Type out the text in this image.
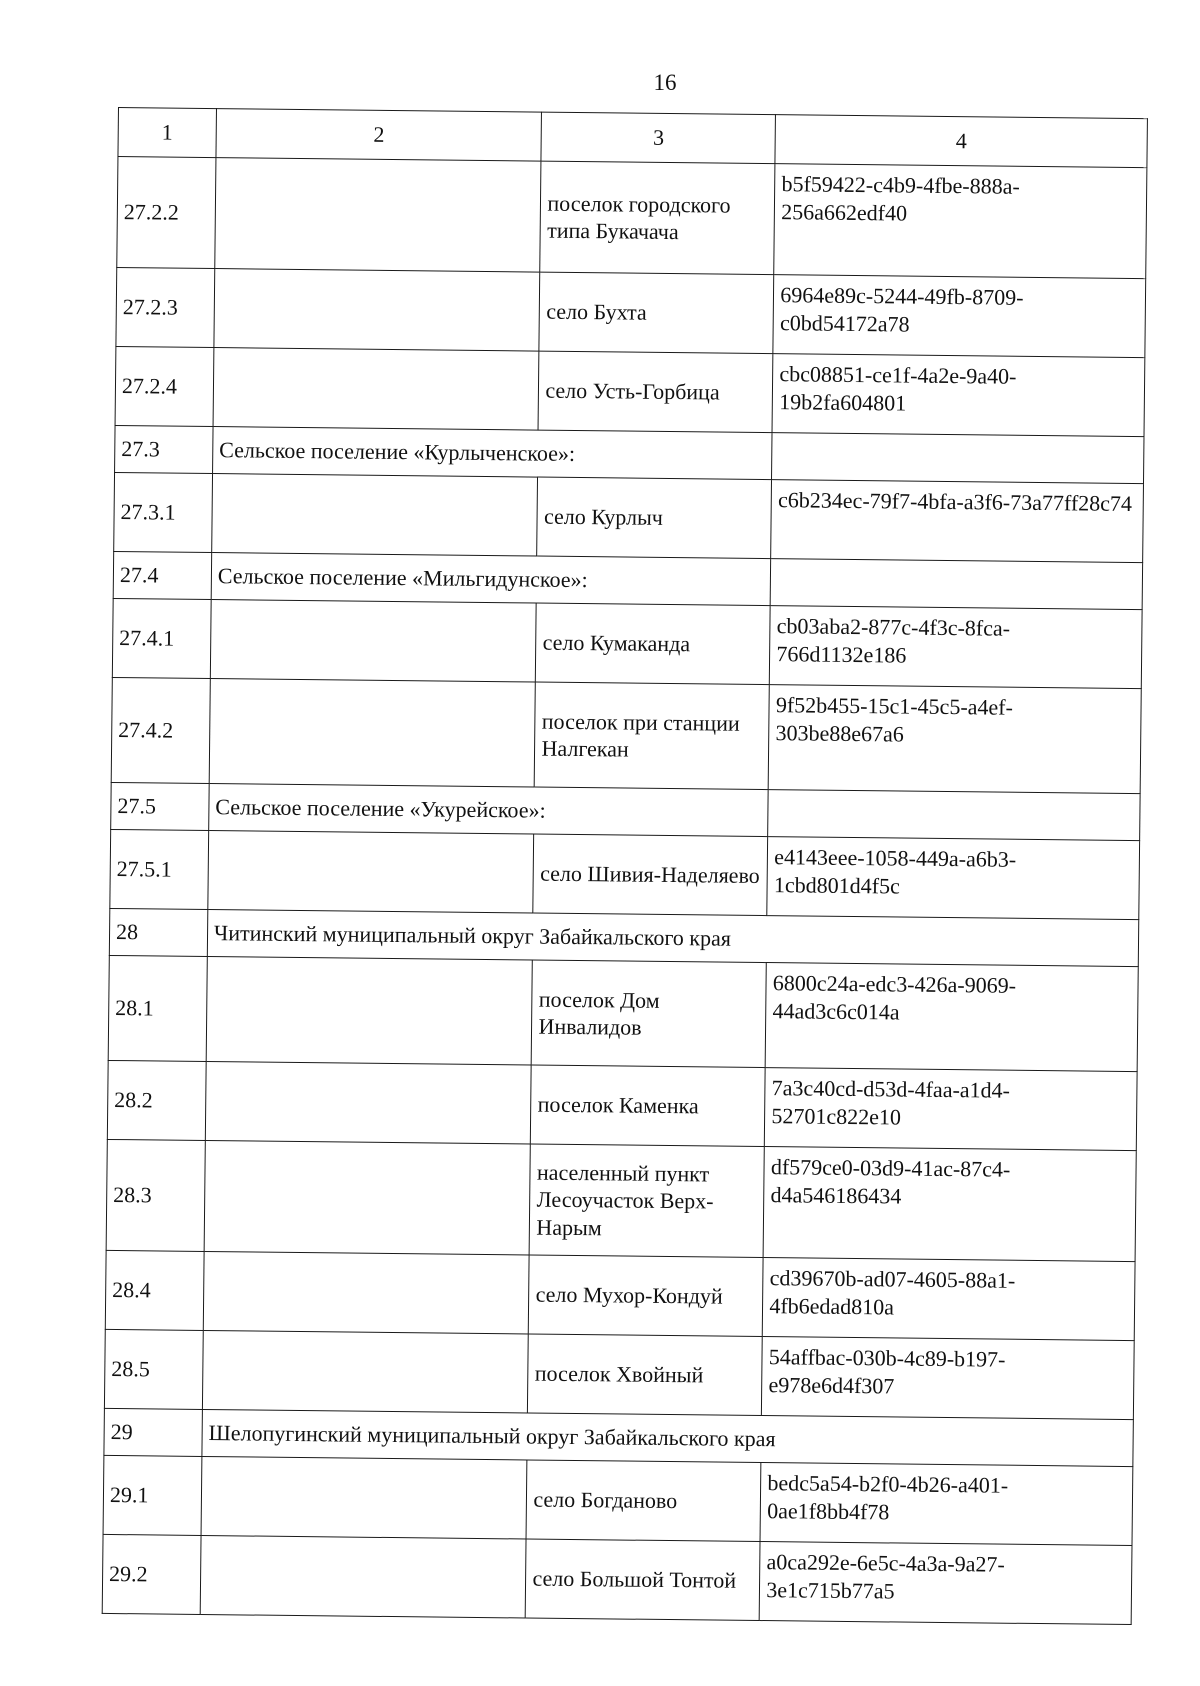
16
1	2	3	4
27.2.2		поселок городского типа Букачача	b5f59422-c4b9-4fbe-888a-256a662edf40
27.2.3		село Бухта	6964e89c-5244-49fb-8709-c0bd54172a78
27.2.4		село Усть-Горбица	cbc08851-ce1f-4a2e-9a40-19b2fa604801
27.3	Сельское поселение «Курлыченское»:		
27.3.1		село Курлыч	c6b234ec-79f7-4bfa-a3f6-73a77ff28c74
27.4	Сельское поселение «Мильгидунское»:		
27.4.1		село Кумаканда	cb03aba2-877c-4f3c-8fca-766d1132e186
27.4.2		поселок при станции Налгекан	9f52b455-15c1-45c5-a4ef-303be88e67a6
27.5	Сельское поселение «Укурейское»:		
27.5.1		село Шивия-Наделяево	e4143eee-1058-449a-a6b3-1cbd801d4f5c
28	Читинский муниципальный округ Забайкальского края		
28.1		поселок Дом Инвалидов	6800c24a-edc3-426a-9069-44ad3c6c014a
28.2		поселок Каменка	7a3c40cd-d53d-4faa-a1d4-52701c822e10
28.3		населенный пункт Лесоучасток Верх-Нарым	df579ce0-03d9-41ac-87c4-d4a546186434
28.4		село Мухор-Кондуй	cd39670b-ad07-4605-88a1-4fb6edad810a
28.5		поселок Хвойный	54affbac-030b-4c89-b197-e978e6d4f307
29	Шелопугинский муниципальный округ Забайкальского края		
29.1		село Богданово	bedc5a54-b2f0-4b26-a401-0ae1f8bb4f78
29.2		село Большой Тонтой	a0ca292e-6e5c-4a3a-9a27-3e1c715b77a5
